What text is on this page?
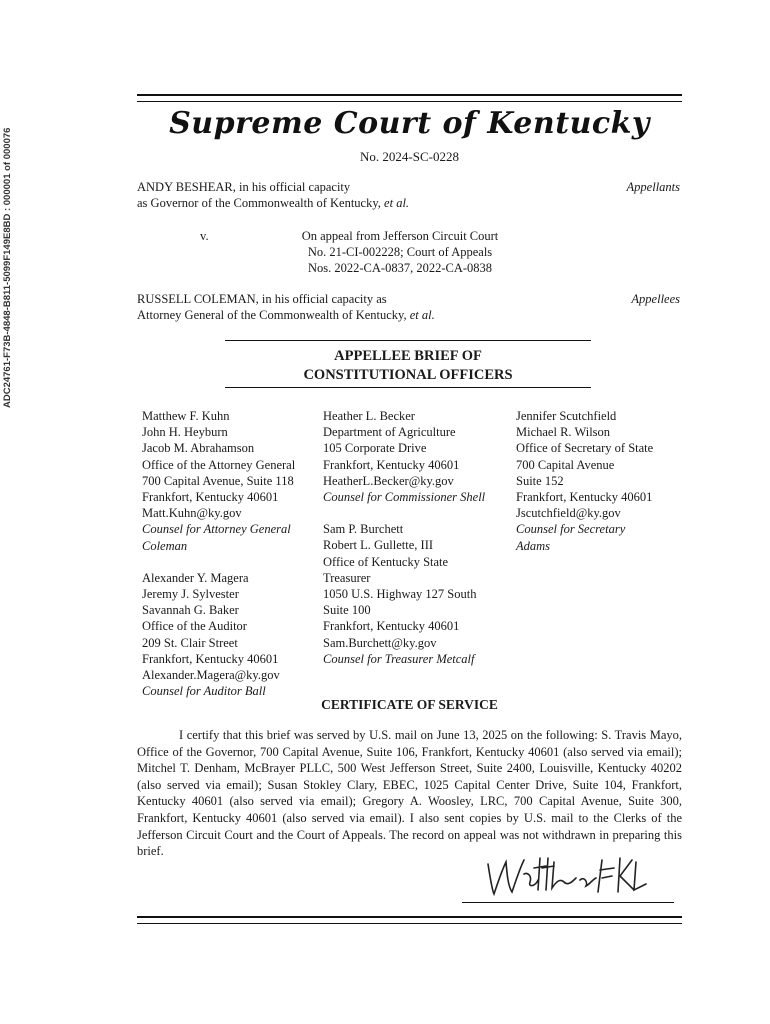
ADC24761-F73B-4848-B811-5099F149E8BD : 000001 of 000076
Supreme Court of Kentucky
No. 2024-SC-0228
ANDY BESHEAR, in his official capacity
as Governor of the Commonwealth of Kentucky, et al.
Appellants
v.	On appeal from Jefferson Circuit Court
No. 21-CI-002228; Court of Appeals
Nos. 2022-CA-0837, 2022-CA-0838
RUSSELL COLEMAN, in his official capacity as
Attorney General of the Commonwealth of Kentucky, et al.
Appellees
APPELLEE BRIEF OF
CONSTITUTIONAL OFFICERS
Matthew F. Kuhn
John H. Heyburn
Jacob M. Abrahamson
Office of the Attorney General
700 Capital Avenue, Suite 118
Frankfort, Kentucky 40601
Matt.Kuhn@ky.gov
Counsel for Attorney General
Coleman
Alexander Y. Magera
Jeremy J. Sylvester
Savannah G. Baker
Office of the Auditor
209 St. Clair Street
Frankfort, Kentucky 40601
Alexander.Magera@ky.gov
Counsel for Auditor Ball
Heather L. Becker
Department of Agriculture
105 Corporate Drive
Frankfort, Kentucky 40601
HeatherL.Becker@ky.gov
Counsel for Commissioner Shell
Sam P. Burchett
Robert L. Gullette, III
Office of Kentucky State
Treasurer
1050 U.S. Highway 127 South
Suite 100
Frankfort, Kentucky 40601
Sam.Burchett@ky.gov
Counsel for Treasurer Metcalf
Jennifer Scutchfield
Michael R. Wilson
Office of Secretary of State
700 Capital Avenue
Suite 152
Frankfort, Kentucky 40601
Jscutchfield@ky.gov
Counsel for Secretary
Adams
CERTIFICATE OF SERVICE
I certify that this brief was served by U.S. mail on June 13, 2025 on the following: S. Travis Mayo, Office of the Governor, 700 Capital Avenue, Suite 106, Frankfort, Kentucky 40601 (also served via email); Mitchel T. Denham, McBrayer PLLC, 500 West Jefferson Street, Suite 2400, Louisville, Kentucky 40202 (also served via email); Susan Stokley Clary, EBEC, 1025 Capital Center Drive, Suite 104, Frankfort, Kentucky 40601 (also served via email); Gregory A. Woosley, LRC, 700 Capital Avenue, Suite 300, Frankfort, Kentucky 40601 (also served via email). I also sent copies by U.S. mail to the Clerks of the Jefferson Circuit Court and the Court of Appeals. The record on appeal was not withdrawn in preparing this brief.
